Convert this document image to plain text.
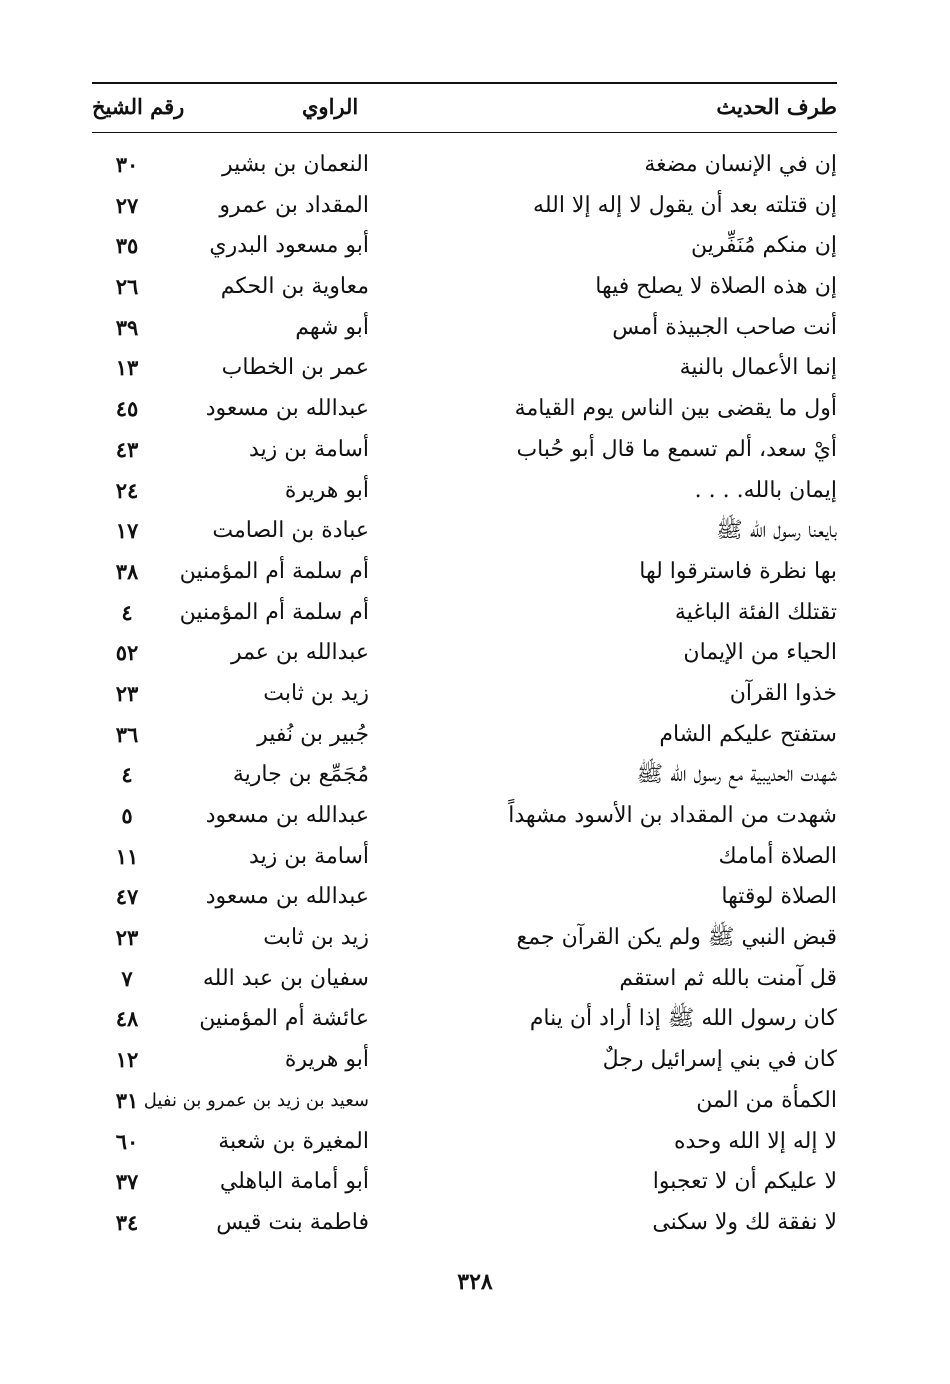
طرف الحديث
الراوي
رقم الشيخ
إن في الإنسان مضغة
النعمان بن بشير
٣٠
إن قتلته بعد أن يقول لا إله إلا الله
المقداد بن عمرو
٢٧
إن منكم مُنَفِّرين
أبو مسعود البدري
٣٥
إن هذه الصلاة لا يصلح فيها
معاوية بن الحكم
٢٦
أنت صاحب الجبيذة أمس
أبو شهم
٣٩
إنما الأعمال بالنية
عمر بن الخطاب
١٣
أول ما يقضى بين الناس يوم القيامة
عبدالله بن مسعود
٤٥
أيْ سعد، ألم تسمع ما قال أبو حُباب
أسامة بن زيد
٤٣
إيمان بالله. . . .
أبو هريرة
٢٤
بايعنا رسول الله ﷺ
عبادة بن الصامت
١٧
بها نظرة فاسترقوا لها
أم سلمة أم المؤمنين
٣٨
تقتلك الفئة الباغية
أم سلمة أم المؤمنين
٤
الحياء من الإيمان
عبدالله بن عمر
٥٢
خذوا القرآن
زيد بن ثابت
٢٣
ستفتح عليكم الشام
جُبير بن نُفير
٣٦
شهدت الحديبية مع رسول الله ﷺ
مُجَمِّع بن جارية
٤
شهدت من المقداد بن الأسود مشهداً
عبدالله بن مسعود
٥
الصلاة أمامك
أسامة بن زيد
١١
الصلاة لوقتها
عبدالله بن مسعود
٤٧
قبض النبي ﷺ ولم يكن القرآن جمع
زيد بن ثابت
٢٣
قل آمنت بالله ثم استقم
سفيان بن عبد الله
٧
كان رسول الله ﷺ إذا أراد أن ينام
عائشة أم المؤمنين
٤٨
كان في بني إسرائيل رجلٌ
أبو هريرة
١٢
الكمأة من المن
سعيد بن زيد بن عمرو بن نفيل
٣١
لا إله إلا الله وحده
المغيرة بن شعبة
٦٠
لا عليكم أن لا تعجبوا
أبو أمامة الباهلي
٣٧
لا نفقة لك ولا سكنى
فاطمة بنت قيس
٣٤
٣٢٨
